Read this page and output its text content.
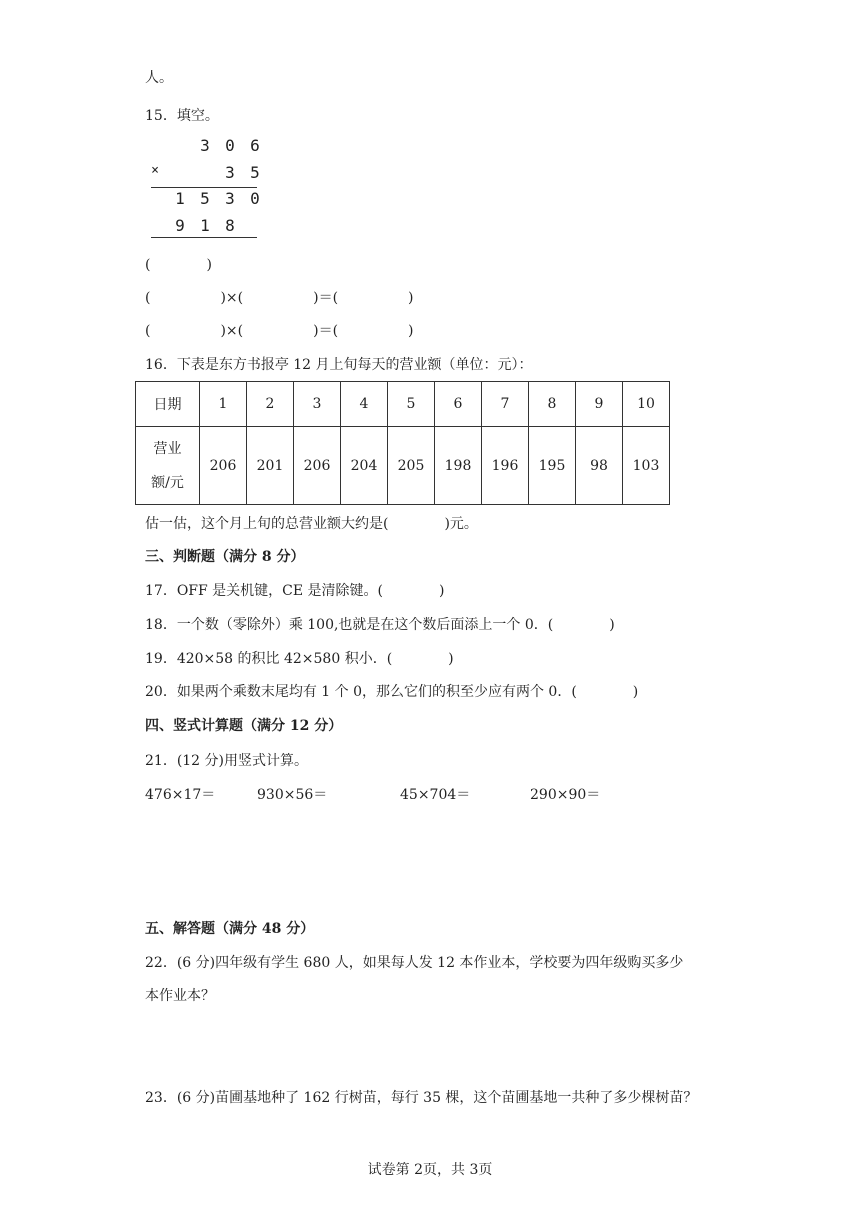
人。
15．填空。
3 0 6
×	3 5
1 5 3 0
9 1 8
(　　　　)
(　　　　　)×(　　　　　)＝(　　　　　)
(　　　　　)×(　　　　　)＝(　　　　　)
16．下表是东方书报亭 12 月上旬每天的营业额（单位：元）：
日期	1	2	3	4	5	6	7	8	9	10

营业
额/元	206	201	206	204	205	198	196	195	98	103
估一估，这个月上旬的总营业额大约是(　　　　)元。
三、判断题（满分 8 分）
17．OFF 是关机键，CE 是清除键。(　　　　)
18．一个数（零除外）乘 100,也就是在这个数后面添上一个 0．(　　　　)
19．420×58 的积比 42×580 积小．(　　　　)
20．如果两个乘数末尾均有 1 个 0，那么它们的积至少应有两个 0．(　　　　)
四、竖式计算题（满分 12 分）
21．(12 分)用竖式计算。
476×17＝	930×56＝	45×704＝	290×90＝
五、解答题（满分 48 分）
22．(6 分)四年级有学生 680 人，如果每人发 12 本作业本，学校要为四年级购买多少
本作业本？
23．(6 分)苗圃基地种了 162 行树苗，每行 35 棵，这个苗圃基地一共种了多少棵树苗？
试卷第 2页，共 3页
